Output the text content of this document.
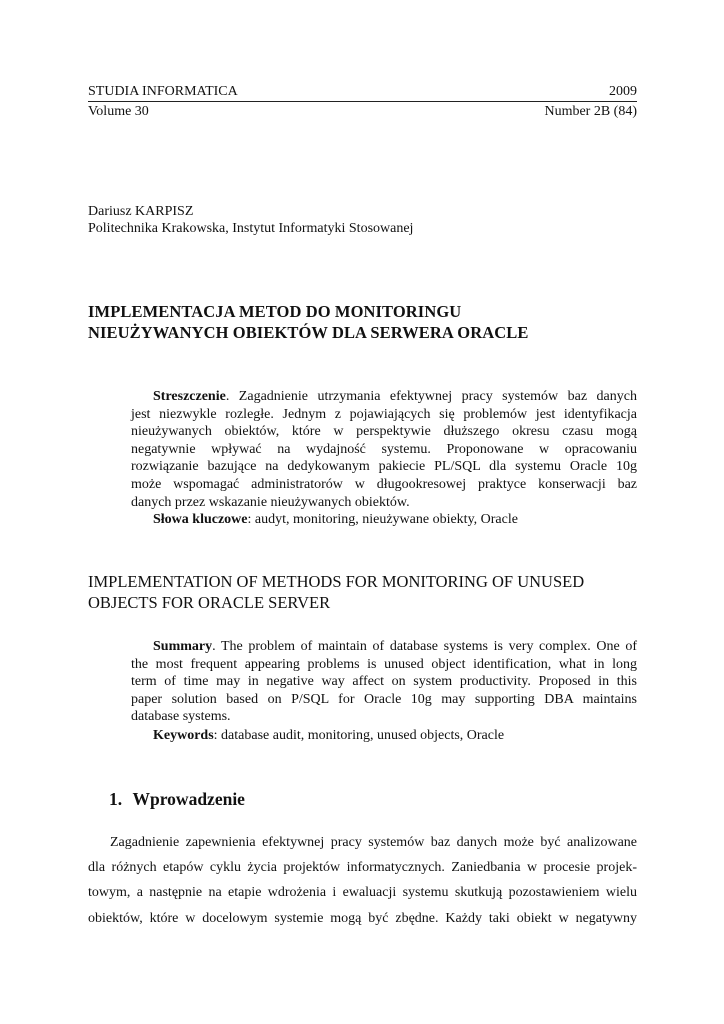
STUDIA INFORMATICA	2009
Volume 30	Number 2B (84)
Dariusz KARPISZ
Politechnika Krakowska, Instytut Informatyki Stosowanej
IMPLEMENTACJA METOD DO MONITORINGU
NIEUŻYWANYCH OBIEKTÓW DLA SERWERA ORACLE
Streszczenie. Zagadnienie utrzymania efektywnej pracy systemów baz danych
jest niezwykle rozległe. Jednym z pojawiających się problemów jest identyfikacja
nieużywanych obiektów, które w perspektywie dłuższego okresu czasu mogą
negatywnie wpływać na wydajność systemu. Proponowane w opracowaniu
rozwiązanie bazujące na dedykowanym pakiecie PL/SQL dla systemu Oracle 10g
może wspomagać administratorów w długookresowej praktyce konserwacji baz
danych przez wskazanie nieużywanych obiektów.
Słowa kluczowe: audyt, monitoring, nieużywane obiekty, Oracle
IMPLEMENTATION OF METHODS FOR MONITORING OF UNUSED
OBJECTS FOR ORACLE SERVER
Summary. The problem of maintain of database systems is very complex. One of
the most frequent appearing problems is unused object identification, what in long
term of time may in negative way affect on system productivity. Proposed in this
paper solution based on P/SQL for Oracle 10g may supporting DBA maintains
database systems.
Keywords: database audit, monitoring, unused objects, Oracle
1. Wprowadzenie
Zagadnienie zapewnienia efektywnej pracy systemów baz danych może być analizowane
dla różnych etapów cyklu życia projektów informatycznych. Zaniedbania w procesie projek-
towym, a następnie na etapie wdrożenia i ewaluacji systemu skutkują pozostawieniem wielu
obiektów, które w docelowym systemie mogą być zbędne. Każdy taki obiekt w negatywny
